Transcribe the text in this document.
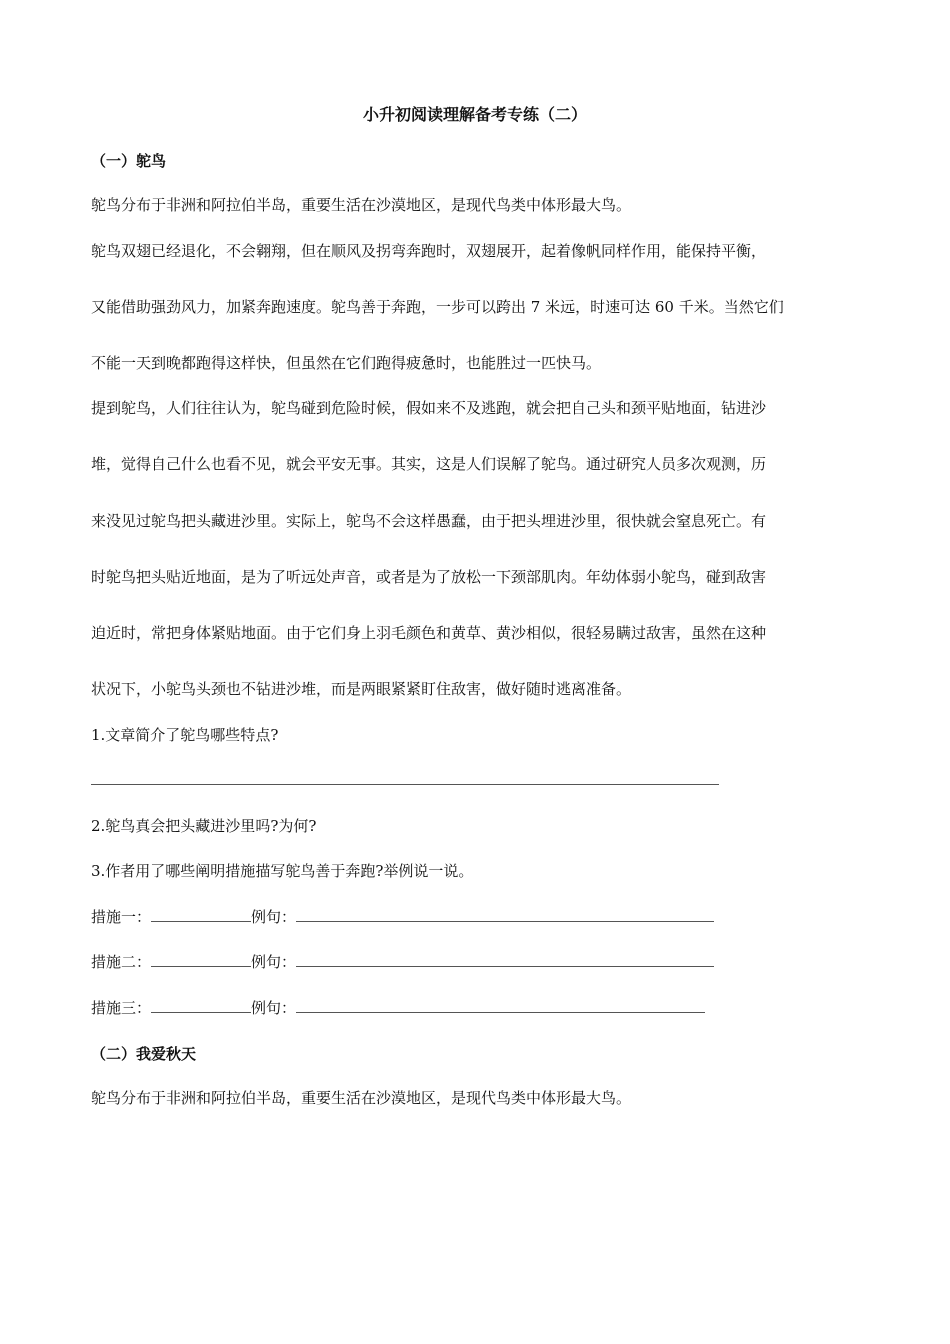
小升初阅读理解备考专练（二）
（一）鸵鸟
鸵鸟分布于非洲和阿拉伯半岛，重要生活在沙漠地区，是现代鸟类中体形最大鸟。
鸵鸟双翅已经退化，不会翱翔，但在顺风及拐弯奔跑时，双翅展开，起着像帆同样作用，能保持平衡，
又能借助强劲风力，加紧奔跑速度。鸵鸟善于奔跑，一步可以跨出 7 米远，时速可达 60 千米。当然它们
不能一天到晚都跑得这样快，但虽然在它们跑得疲惫时，也能胜过一匹快马。
提到鸵鸟，人们往往认为，鸵鸟碰到危险时候，假如来不及逃跑，就会把自己头和颈平贴地面，钻进沙
堆，觉得自己什么也看不见，就会平安无事。其实，这是人们误解了鸵鸟。通过研究人员多次观测，历
来没见过鸵鸟把头藏进沙里。实际上，鸵鸟不会这样愚蠢，由于把头埋进沙里，很快就会窒息死亡。有
时鸵鸟把头贴近地面，是为了听远处声音，或者是为了放松一下颈部肌肉。年幼体弱小鸵鸟，碰到敌害
迫近时，常把身体紧贴地面。由于它们身上羽毛颜色和黄草、黄沙相似，很轻易瞒过敌害，虽然在这种
状况下，小鸵鸟头颈也不钻进沙堆，而是两眼紧紧盯住敌害，做好随时逃离准备。
1.文章简介了鸵鸟哪些特点?
2.鸵鸟真会把头藏进沙里吗?为何?
3.作者用了哪些阐明措施描写鸵鸟善于奔跑?举例说一说。
措施一：	例句：
措施二：	例句：
措施三：	例句：
（二）我爱秋天
鸵鸟分布于非洲和阿拉伯半岛，重要生活在沙漠地区，是现代鸟类中体形最大鸟。
